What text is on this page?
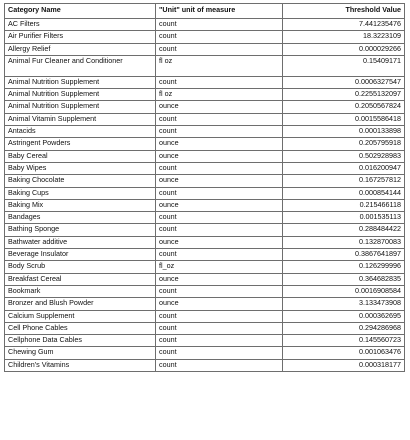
Category Name	"Unit" unit of measure	Threshold Value
AC Filters	count	7.441235476
Air Purifier Filters	count	18.3223109
Allergy Relief	count	0.000029266
Animal Fur Cleaner and Conditioner	fl oz	0.15409171
Animal Nutrition Supplement	count	0.0006327547
Animal Nutrition Supplement	fl oz	0.2255132097
Animal Nutrition Supplement	ounce	0.2050567824
Animal Vitamin Supplement	count	0.0015586418
Antacids	count	0.000133898
Astringent Powders	ounce	0.205795918
Baby Cereal	ounce	0.502928983
Baby Wipes	count	0.016200947
Baking Chocolate	ounce	0.167257812
Baking Cups	count	0.000854144
Baking Mix	ounce	0.215466118
Bandages	count	0.001535113
Bathing Sponge	count	0.288484422
Bathwater additive	ounce	0.132870083
Beverage Insulator	count	0.3867641897
Body Scrub	fl_oz	0.126299996
Breakfast Cereal	ounce	0.364682835
Bookmark	count	0.0016908584
Bronzer and Blush Powder	ounce	3.133473908
Calcium Supplement	count	0.000362695
Cell Phone Cables	count	0.294286968
Cellphone Data Cables	count	0.145560723
Chewing Gum	count	0.001063476
Children's Vitamins	count	0.000318177
